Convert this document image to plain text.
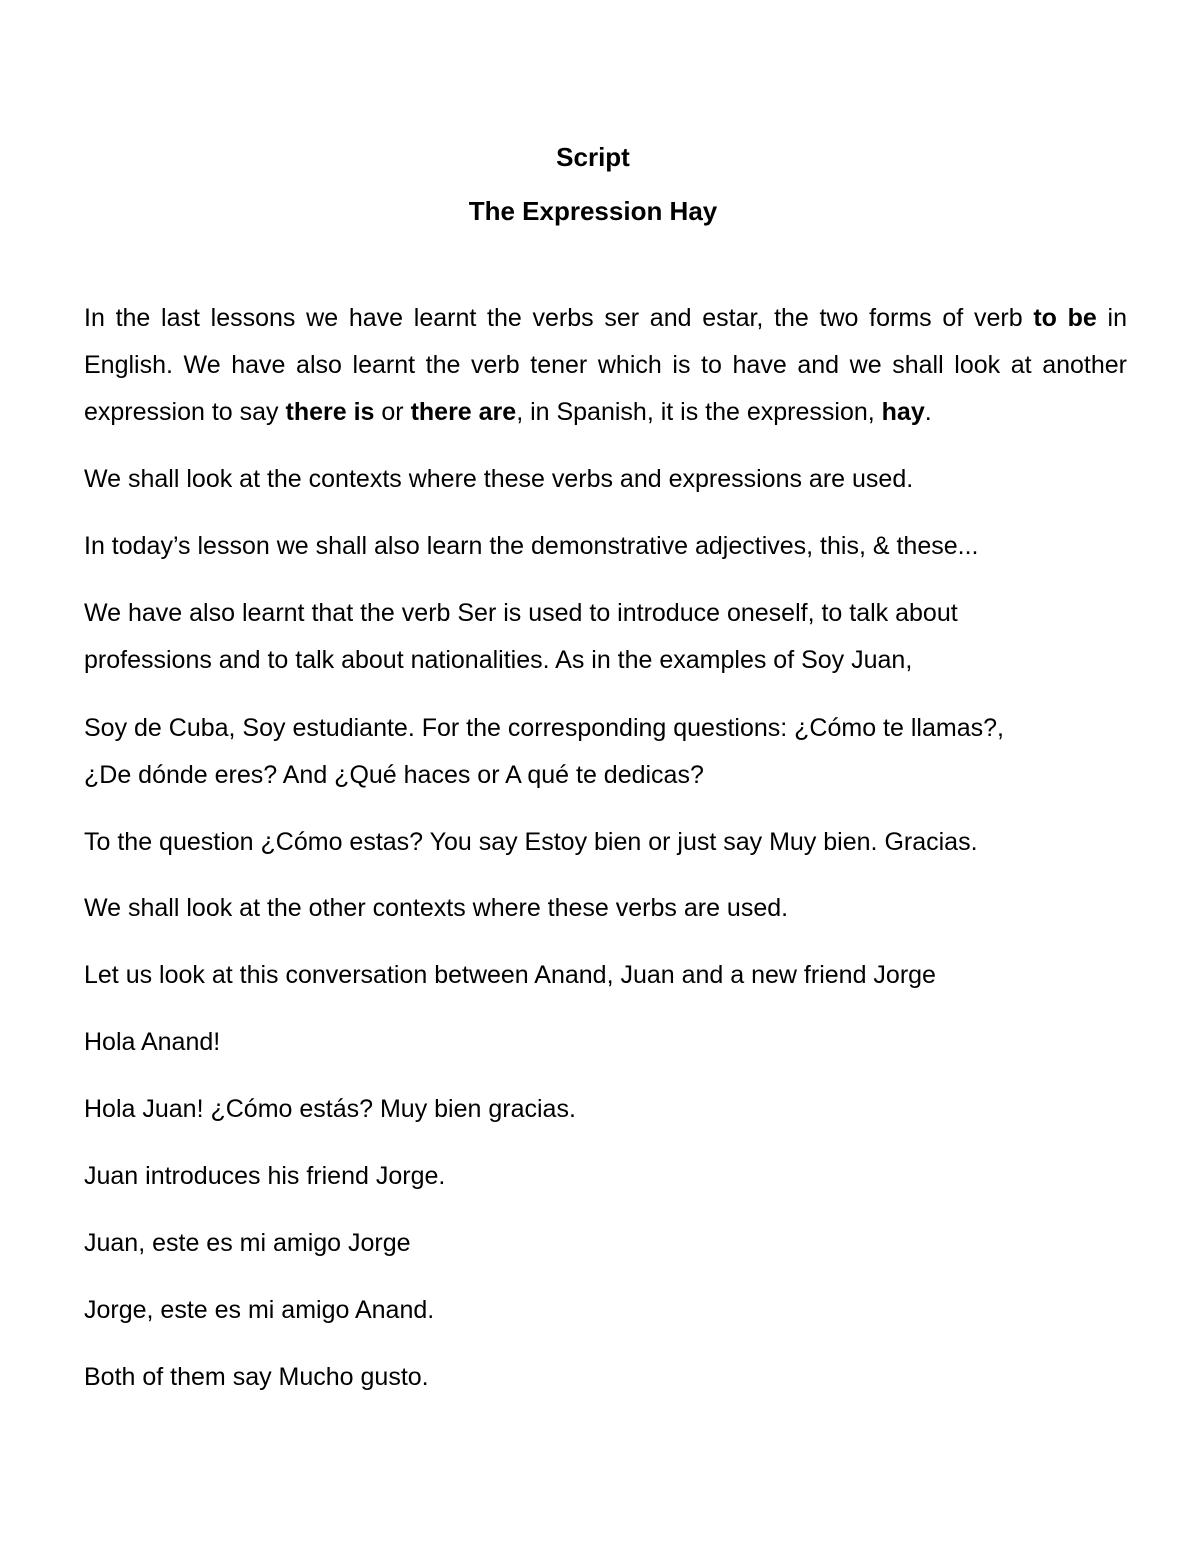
Script
The Expression Hay

In the last lessons we have learnt the verbs ser and estar, the two forms of verb to be in English. We have also learnt the verb tener which is to have and we shall look at another expression to say there is or there are, in Spanish, it is the expression, hay.

We shall look at the contexts where these verbs and expressions are used.

In today’s lesson we shall also learn the demonstrative adjectives, this, & these...

We have also learnt that the verb Ser is used to introduce oneself, to talk about
professions and to talk about nationalities. As in the examples of Soy Juan,
Soy de Cuba, Soy estudiante. For the corresponding questions: ¿Cómo te llamas?,
¿De dónde eres? And ¿Qué haces or A qué te dedicas?

To the question ¿Cómo estas? You say Estoy bien or just say Muy bien. Gracias.

We shall look at the other contexts where these verbs are used.

Let us look at this conversation between Anand, Juan and a new friend Jorge

Hola Anand!

Hola Juan! ¿Cómo estás? Muy bien gracias.

Juan introduces his friend Jorge.

Juan, este es mi amigo Jorge

Jorge, este es mi amigo Anand.

Both of them say Mucho gusto.
